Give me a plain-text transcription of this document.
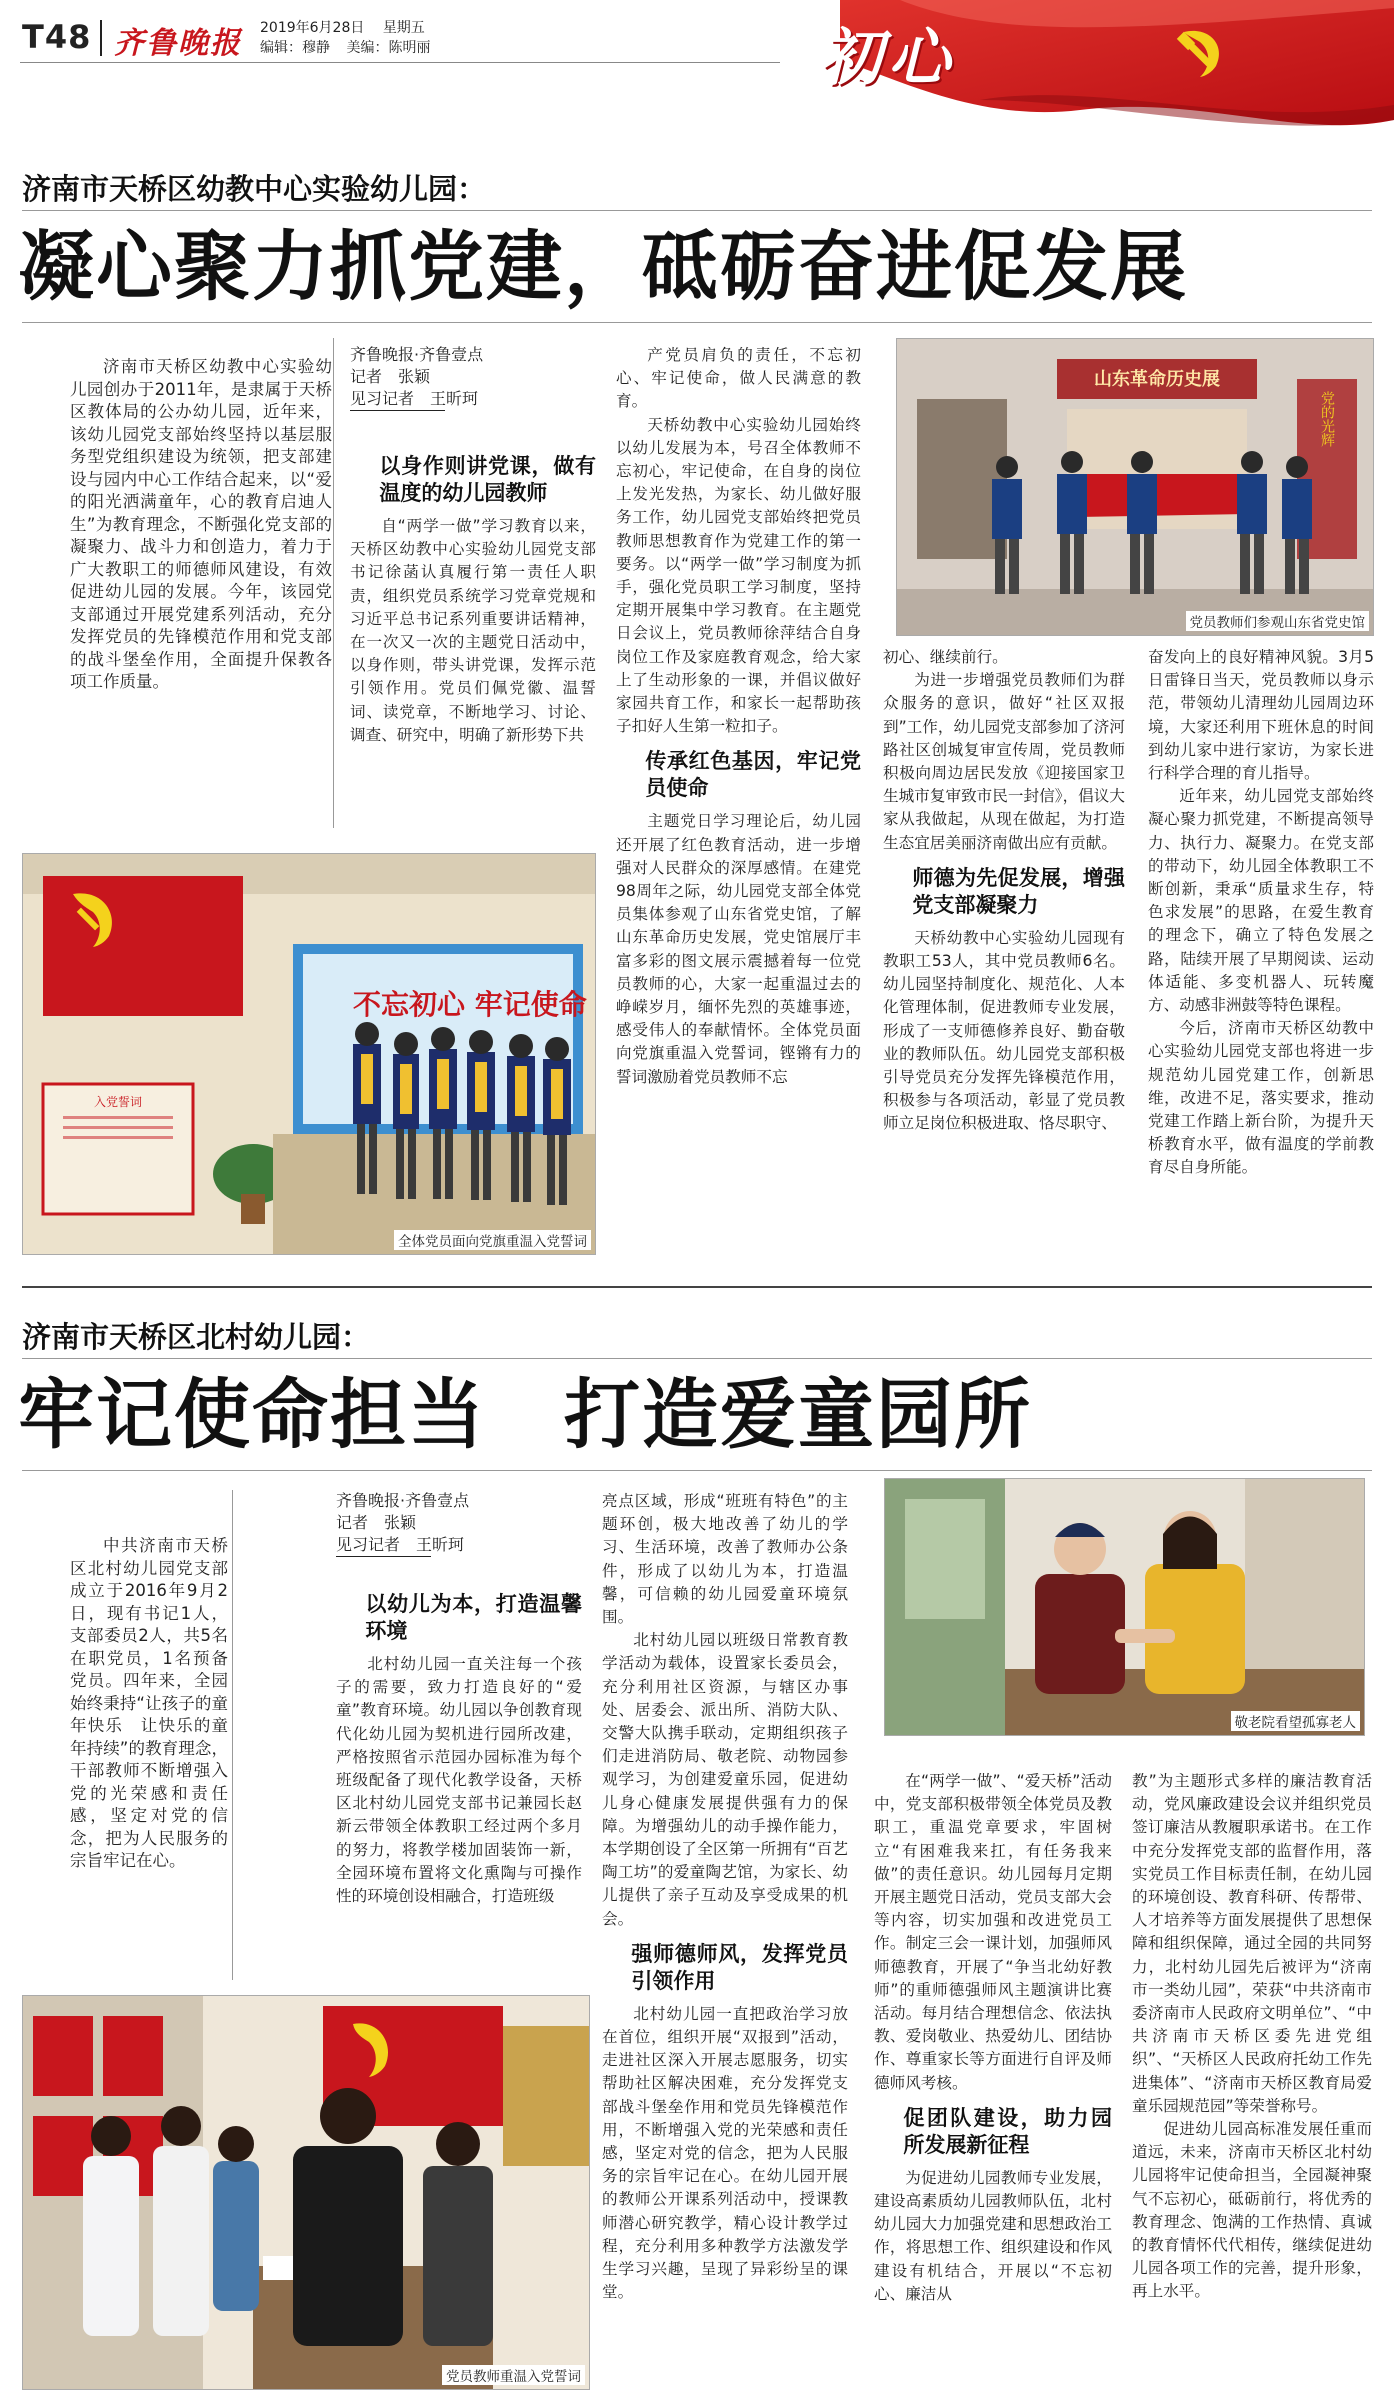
T48 齐鲁晚报 2019年6月28日 星期五
编辑：穆静 美编：陈明丽	初心
济南市天桥区幼教中心实验幼儿园：
凝心聚力抓党建，砥砺奋进促发展

济南市天桥区幼教中心实验幼儿园创办于2011年，是隶属于天桥区教体局的公办幼儿园，近年来，该幼儿园党支部始终坚持以基层服务型党组织建设为统领，把支部建设与园内中心工作结合起来，以“爱的阳光洒满童年，心的教育启迪人生”为教育理念，不断强化党支部的凝聚力、战斗力和创造力，着力于广大教职工的师德师风建设，有效促进幼儿园的发展。今年，该园党支部通过开展党建系列活动，充分发挥党员的先锋模范作用和党支部的战斗堡垒作用，全面提升保教各项工作质量。

齐鲁晚报·齐鲁壹点
记者　张颖
见习记者　王昕珂
以身作则讲党课，做有温度的幼儿园教师

自“两学一做”学习教育以来，天桥区幼教中心实验幼儿园党支部书记徐菡认真履行第一责任人职责，组织党员系统学习党章党规和习近平总书记系列重要讲话精神，在一次又一次的主题党日活动中，以身作则，带头讲党课，发挥示范引领作用。党员们佩党徽、温誓词、读党章，不断地学习、讨论、调查、研究中，明确了新形势下共

产党员肩负的责任，不忘初心、牢记使命，做人民满意的教育。

天桥幼教中心实验幼儿园始终以幼儿发展为本，号召全体教师不忘初心，牢记使命，在自身的岗位上发光发热，为家长、幼儿做好服务工作，幼儿园党支部始终把党员教师思想教育作为党建工作的第一要务。以“两学一做”学习制度为抓手，强化党员职工学习制度，坚持定期开展集中学习教育。在主题党日会议上，党员教师徐萍结合自身岗位工作及家庭教育观念，给大家上了生动形象的一课，并倡议做好家园共育工作，和家长一起帮助孩子扣好人生第一粒扣子。

传承红色基因，牢记党员使命

主题党日学习理论后，幼儿园还开展了红色教育活动，进一步增强对人民群众的深厚感情。在建党98周年之际，幼儿园党支部全体党员集体参观了山东省党史馆，了解山东革命历史发展，党史馆展厅丰富多彩的图文展示震撼着每一位党员教师的心，大家一起重温过去的峥嵘岁月，缅怀先烈的英雄事迹，感受伟人的奉献情怀。全体党员面向党旗重温入党誓词，铿锵有力的誓词激励着党员教师不忘

入党誓词
不忘初心 牢记使命
全体党员面向党旗重温入党誓词
山东革命历史展
党的光辉
党员教师们参观山东省党史馆

初心、继续前行。

为进一步增强党员教师们为群众服务的意识，做好“社区双报到”工作，幼儿园党支部参加了济河路社区创城复审宣传周，党员教师积极向周边居民发放《迎接国家卫生城市复审致市民一封信》，倡议大家从我做起，从现在做起，为打造生态宜居美丽济南做出应有贡献。

师德为先促发展，增强党支部凝聚力

天桥幼教中心实验幼儿园现有教职工53人，其中党员教师6名。幼儿园坚持制度化、规范化、人本化管理体制，促进教师专业发展，形成了一支师德修养良好、勤奋敬业的教师队伍。幼儿园党支部积极引导党员充分发挥先锋模范作用，积极参与各项活动，彰显了党员教师立足岗位积极进取、恪尽职守、

奋发向上的良好精神风貌。3月5日雷锋日当天，党员教师以身示范，带领幼儿清理幼儿园周边环境，大家还利用下班休息的时间到幼儿家中进行家访，为家长进行科学合理的育儿指导。

近年来，幼儿园党支部始终凝心聚力抓党建，不断提高领导力、执行力、凝聚力。在党支部的带动下，幼儿园全体教职工不断创新，秉承“质量求生存，特色求发展”的思路，在爱生教育的理念下，确立了特色发展之路，陆续开展了早期阅读、运动体适能、多变机器人、玩转魔方、动感非洲鼓等特色课程。

今后，济南市天桥区幼教中心实验幼儿园党支部也将进一步规范幼儿园党建工作，创新思维，改进不足，落实要求，推动党建工作踏上新台阶，为提升天桥教育水平，做有温度的学前教育尽自身所能。

济南市天桥区北村幼儿园：
牢记使命担当　打造爱童园所

中共济南市天桥区北村幼儿园党支部成立于2016年9月2日，现有书记1人，支部委员2人，共5名在职党员，1名预备党员。四年来，全园始终秉持“让孩子的童年快乐　让快乐的童年持续”的教育理念，干部教师不断增强入党的光荣感和责任感，坚定对党的信念，把为人民服务的宗旨牢记在心。

齐鲁晚报·齐鲁壹点
记者　张颖
见习记者　王昕珂
以幼儿为本，打造温馨环境

北村幼儿园一直关注每一个孩子的需要，致力打造良好的“爱童”教育环境。幼儿园以争创教育现代化幼儿园为契机进行园所改建，严格按照省示范园办园标准为每个班级配备了现代化教学设备，天桥区北村幼儿园党支部书记兼园长赵新云带领全体教职工经过两个多月的努力，将教学楼加固装饰一新，全园环境布置将文化熏陶与可操作性的环境创设相融合，打造班级

亮点区域，形成“班班有特色”的主题环创，极大地改善了幼儿的学习、生活环境，改善了教师办公条件，形成了以幼儿为本，打造温馨，可信赖的幼儿园爱童环境氛围。

北村幼儿园以班级日常教育教学活动为载体，设置家长委员会，充分利用社区资源，与辖区办事处、居委会、派出所、消防大队、交警大队携手联动，定期组织孩子们走进消防局、敬老院、动物园参观学习，为创建爱童乐园，促进幼儿身心健康发展提供强有力的保障。为增强幼儿的动手操作能力，本学期创设了全区第一所拥有“百艺陶工坊”的爱童陶艺馆，为家长、幼儿提供了亲子互动及享受成果的机会。

强师德师风，发挥党员引领作用

北村幼儿园一直把政治学习放在首位，组织开展“双报到”活动，走进社区深入开展志愿服务，切实帮助社区解决困难，充分发挥党支部战斗堡垒作用和党员先锋模范作用，不断增强入党的光荣感和责任感，坚定对党的信念，把为人民服务的宗旨牢记在心。在幼儿园开展的教师公开课系列活动中，授课教师潜心研究教学，精心设计教学过程，充分利用多种教学方法激发学生学习兴趣，呈现了异彩纷呈的课堂。

敬老院看望孤寡老人

在“两学一做”、“爱天桥”活动中，党支部积极带领全体党员及教职工，重温党章要求，牢固树立“有困难我来扛，有任务我来做”的责任意识。幼儿园每月定期开展主题党日活动，党员支部大会等内容，切实加强和改进党员工作。制定三会一课计划，加强师风师德教育，开展了“争当北幼好教师”的重师德强师风主题演讲比赛活动。每月结合理想信念、依法执教、爱岗敬业、热爱幼儿、团结协作、尊重家长等方面进行自评及师德师风考核。

促团队建设，助力园所发展新征程

为促进幼儿园教师专业发展，建设高素质幼儿园教师队伍，北村幼儿园大力加强党建和思想政治工作，将思想工作、组织建设和作风建设有机结合，开展以“不忘初心、廉洁从

教”为主题形式多样的廉洁教育活动，党风廉政建设会议并组织党员签订廉洁从教履职承诺书。在工作中充分发挥党支部的监督作用，落实党员工作目标责任制，在幼儿园的环境创设、教育科研、传帮带、人才培养等方面发展提供了思想保障和组织保障，通过全园的共同努力，北村幼儿园先后被评为“济南市一类幼儿园”，荣获“中共济南市委济南市人民政府文明单位”、“中共济南市天桥区委先进党组织”、“天桥区人民政府托幼工作先进集体”、“济南市天桥区教育局爱童乐园规范园”等荣誉称号。

促进幼儿园高标准发展任重而道远，未来，济南市天桥区北村幼儿园将牢记使命担当，全园凝神聚气不忘初心，砥砺前行，将优秀的教育理念、饱满的工作热情、真诚的教育情怀代代相传，继续促进幼儿园各项工作的完善，提升形象，再上水平。

党员教师重温入党誓词
